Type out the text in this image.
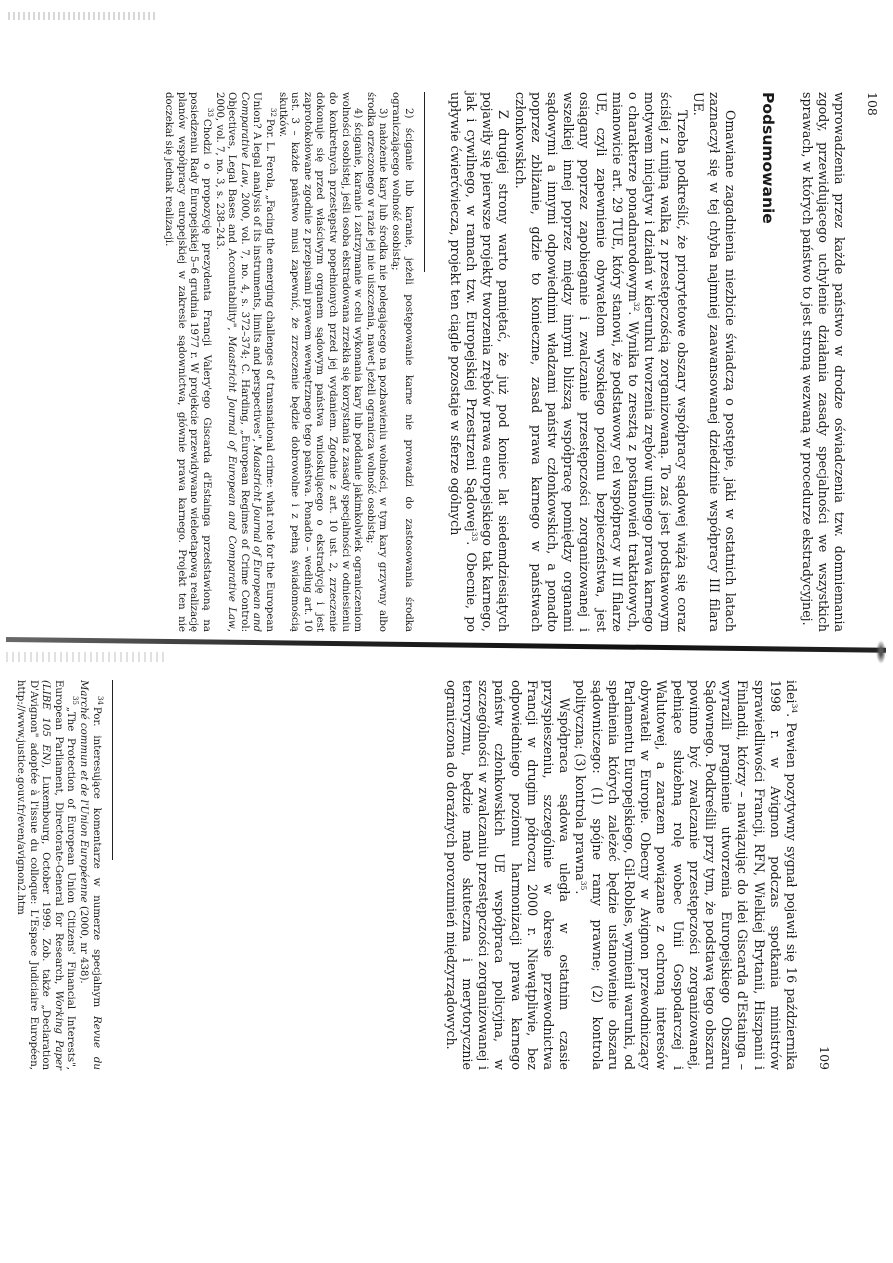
108

wprowadzenia przez każde państwo w drodze oświadczenia tzw. domniemania zgody, przewidującego uchylenie działania zasady specjalności we wszystkich sprawach, w których państwo to jest stroną wezwaną w procedurze ekstradycyjnej.

Podsumowanie

Omawiane zagadnienia niezbicie świadczą o postępie, jaki w ostatnich latach zaznaczył się w tej chyba najmniej zaawansowanej dziedzinie współpracy III filara UE.

Trzeba podkreślić, że priorytetowe obszary współpracy sądowej wiążą się coraz ściślej z unijną walką z przestępczością zorganizowaną. To zaś jest podstawowym motywem inicjatyw i działań w kierunku tworzenia zrębów unijnego prawa karnego o charakterze ponadnarodowym$^{32}$. Wynika to zresztą z postanowień traktatowych, mianowicie art. 29 TUE, który stanowi, że podstawowy cel współpracy w III filarze UE, czyli zapewnienie obywatelom wysokiego poziomu bezpieczeństwa, jest osiągany poprzez zapobieganie i zwalczanie przestępczości zorganizowanej i wszelkiej innej poprzez między innymi bliższą współpracę pomiędzy organami sądowymi a innymi odpowiednimi władzami państw członkowskich, a ponadto poprzez zbliżanie, gdzie to konieczne, zasad prawa karnego w państwach członkowskich.

Z drugiej strony warto pamiętać, że już pod koniec lat siedemdziesiątych pojawiły się pierwsze projekty tworzenia zrębów prawa europejskiego tak karnego, jak i cywilnego, w ramach tzw. Europejskiej Przestrzeni Sądowej$^{33}$. Obecnie, po upływie ćwierćwiecza, projekt ten ciągle pozostaje w sferze ogólnych

2) ściganie lub karanie, jeżeli postępowanie karne nie prowadzi do zastosowania środka ograniczającego wolność osobistą;

3) nałożenie kary lub środka nie polegającego na pozbawieniu wolności, w tym kary grzywny albo środka orzeczonego w razie jej nie uiszczenia, nawet jeżeli ogranicza wolność osobistą;

4) ściganie, karanie i zatrzymanie w celu wykonania kary lub poddanie jakimkolwiek ograniczeniom wolności osobistej, jeśli osoba ekstradowana zrzekła się korzystania z zasady specjalności w odniesieniu do konkretnych przestępstw popełnionych przed jej wydaniem. Zgodnie z art. 10 ust. 2, zrzeczenie dokonuje się przed właściwym organem sądowym państwa wnioskującego o ekstradycję i jest zaprotokołowane zgodnie z przepisami prawem wewnętrznego tego państwa. Ponadto – według art. 10 ust. 3 – każde państwo musi zapewnić, że zrzeczenie będzie dobrowolne i z pełną świadomością skutków.

$^{32}$Por. L. Ferola, „Facing the emerging challenges of transnational crime: what role for the European Union? A legal analysis of its instruments, limits and perspectives", Maastricht Journal of European and Comparative Law, 2000, vol. 7, no. 4, s. 372–374; C. Harding, „European Regimes of Crime Control: Objectives, Legal Bases and Accountability", Maastricht Journal of European and Comparative Law, 2000, vol. 7, no. 3, s. 238–243.

$^{33}$Chodzi o propozycję prezydenta Francji Valery'ego Giscarda d'Estainga przedstawioną na posiedzeniu Rady Europejskiej 5–6 grudnia 1977 r. W projekcie przewidywano wieloetapową realizację planów współpracy europejskiej w zakresie sądownictwa, głównie prawa karnego. Projekt ten nie doczekał się jednak realizacji.

109

idei$^{34}$. Pewien pozytywny sygnał pojawił się 16 października 1998 r. w Avignon podczas spotkania ministrów sprawiedliwości Francji, RFN, Wielkiej Brytanii, Hiszpanii i Finlandii, którzy – nawiązując do idei Giscarda d'Estainga – wyrazili pragnienie utworzenia Europejskiego Obszaru Sądownego. Podkreślili przy tym, że podstawą tego obszaru powinno być zwalczanie przestępczości zorganizowanej, pełniące służebną rolę wobec Unii Gospodarczej i Walutowej, a zarazem powiązane z ochroną interesów obywateli w Europie. Obecny w Avignon przewodniczący Parlamentu Europejskiego, Gil-Robles, wymienił warunki, od spełnienia których zależeć będzie ustanowienie obszaru sądowniczego: (1) spójne ramy prawne; (2) kontrola polityczna; (3) kontrola prawna$^{35}$.

Współpraca sądowa uległa w ostatnim czasie przyspieszeniu, szczególnie w okresie przewodnictwa Francji w drugim półroczu 2000 r. Niewątpliwie, bez odpowiedniego poziomu harmonizacji prawa karnego państw członkowskich UE współpraca policyjna, w szczególności w zwalczaniu przestępczości zorganizowanej i terroryzmu, będzie mało skuteczna i merytorycznie ograniczona do doraźnych porozumień międzyrządowych.

$^{34}$Por. interesujące komentarze w numerze specjalnym Revue du Marché commun et de l'Union Européenne (2000, nr 438).

$^{35}$„The Protection of European Union Citizens' Financial Interests", European Parliament, Directorate-General for Research, Working Paper (LIBE 105 EN), Luxembourg, October 1999. Zob. także „Declaration D'Avignon" adoptée à l'issue du colloque: L'Espace Judiciaire Européen, http://www.justice.gouv.fr/even/avignon2.htm
